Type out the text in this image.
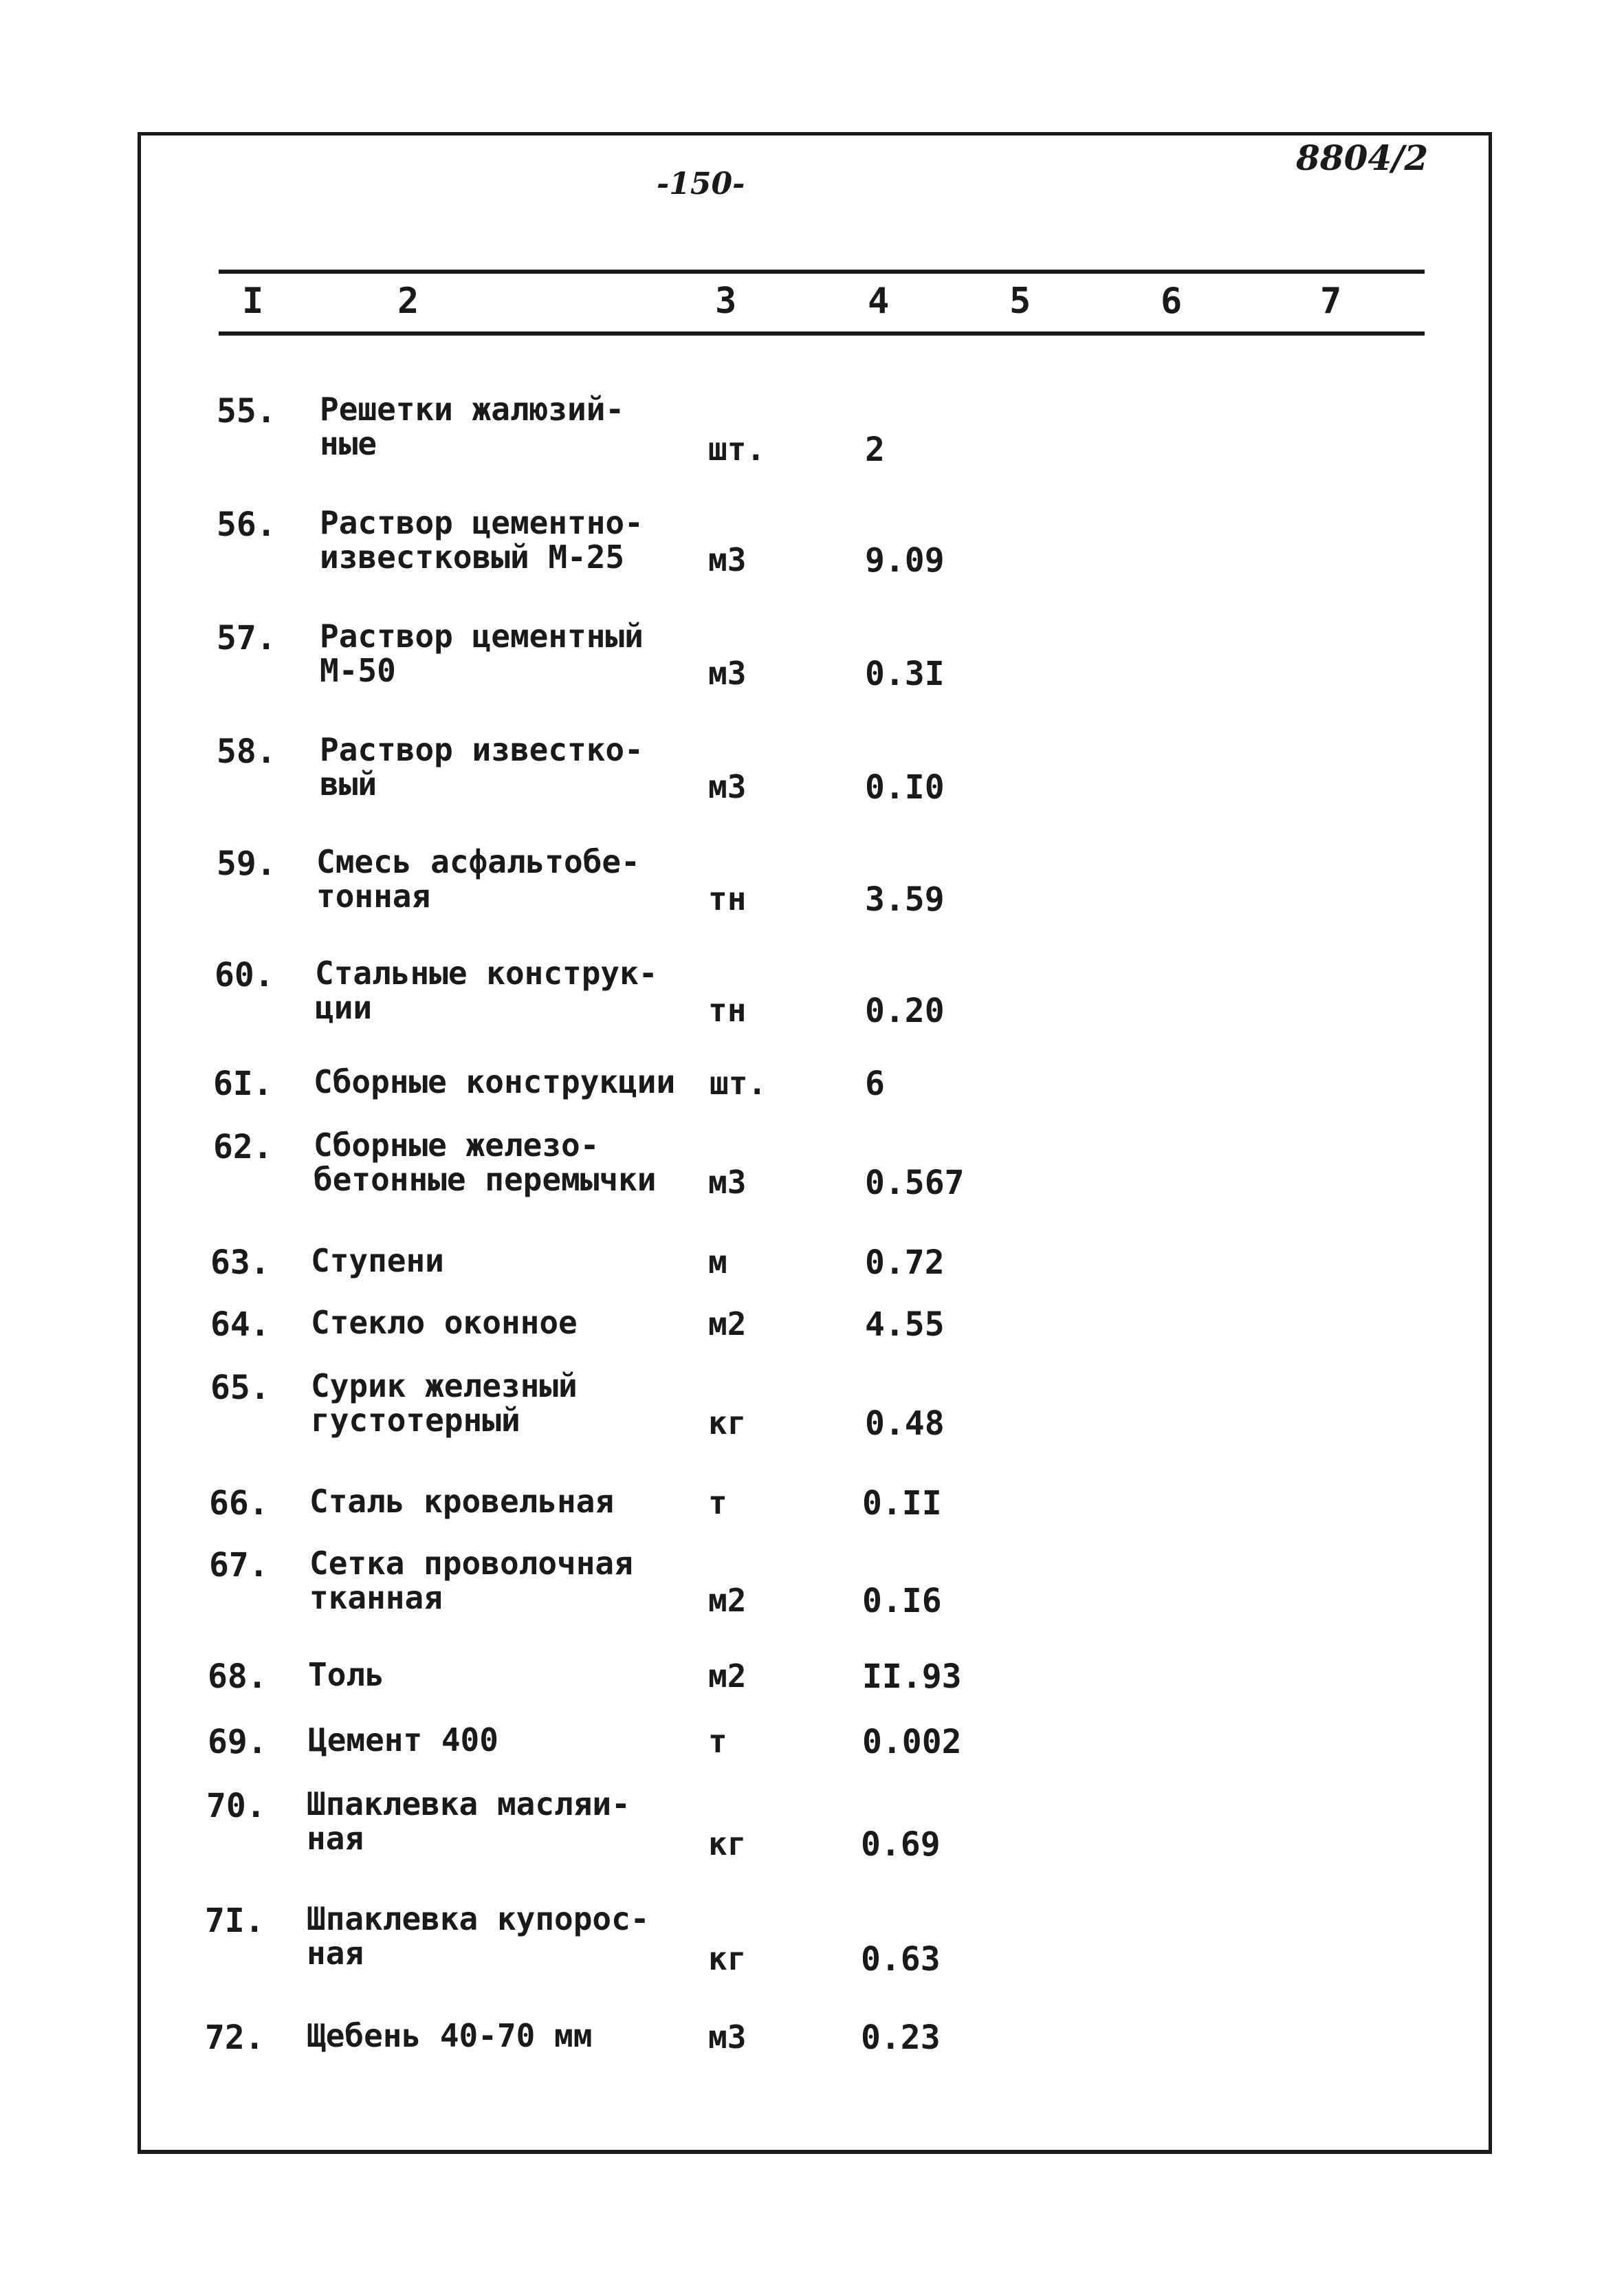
-150-
8804/2
I	2	3	4	5	6	7
55. Решетки жалюзий-
ные	шт.	2
56. Раствор цементно-
известковый М-25	м3	9.09
57. Раствор цементный
М-50	м3	0.3I
58. Раствор известко-
вый	м3	0.I0
59. Смесь асфальтобе-
тонная	тн	3.59
60. Стальные конструк-
ции	тн	0.20
6I. Сборные конструкции	шт.	6
62. Сборные железо-
бетонные перемычки	м3	0.567
63. Ступени	м	0.72
64. Стекло оконное	м2	4.55
65. Сурик железный
густотерный	кг	0.48
66. Сталь кровельная	т	0.II
67. Сетка проволочная
тканная	м2	0.I6
68. Толь	м2	II.93
69. Цемент 400	т	0.002
70. Шпаклевка масляи-
ная	кг	0.69
7I. Шпаклевка купорос-
ная	кг	0.63
72. Щебень 40-70 мм	м3	0.23
